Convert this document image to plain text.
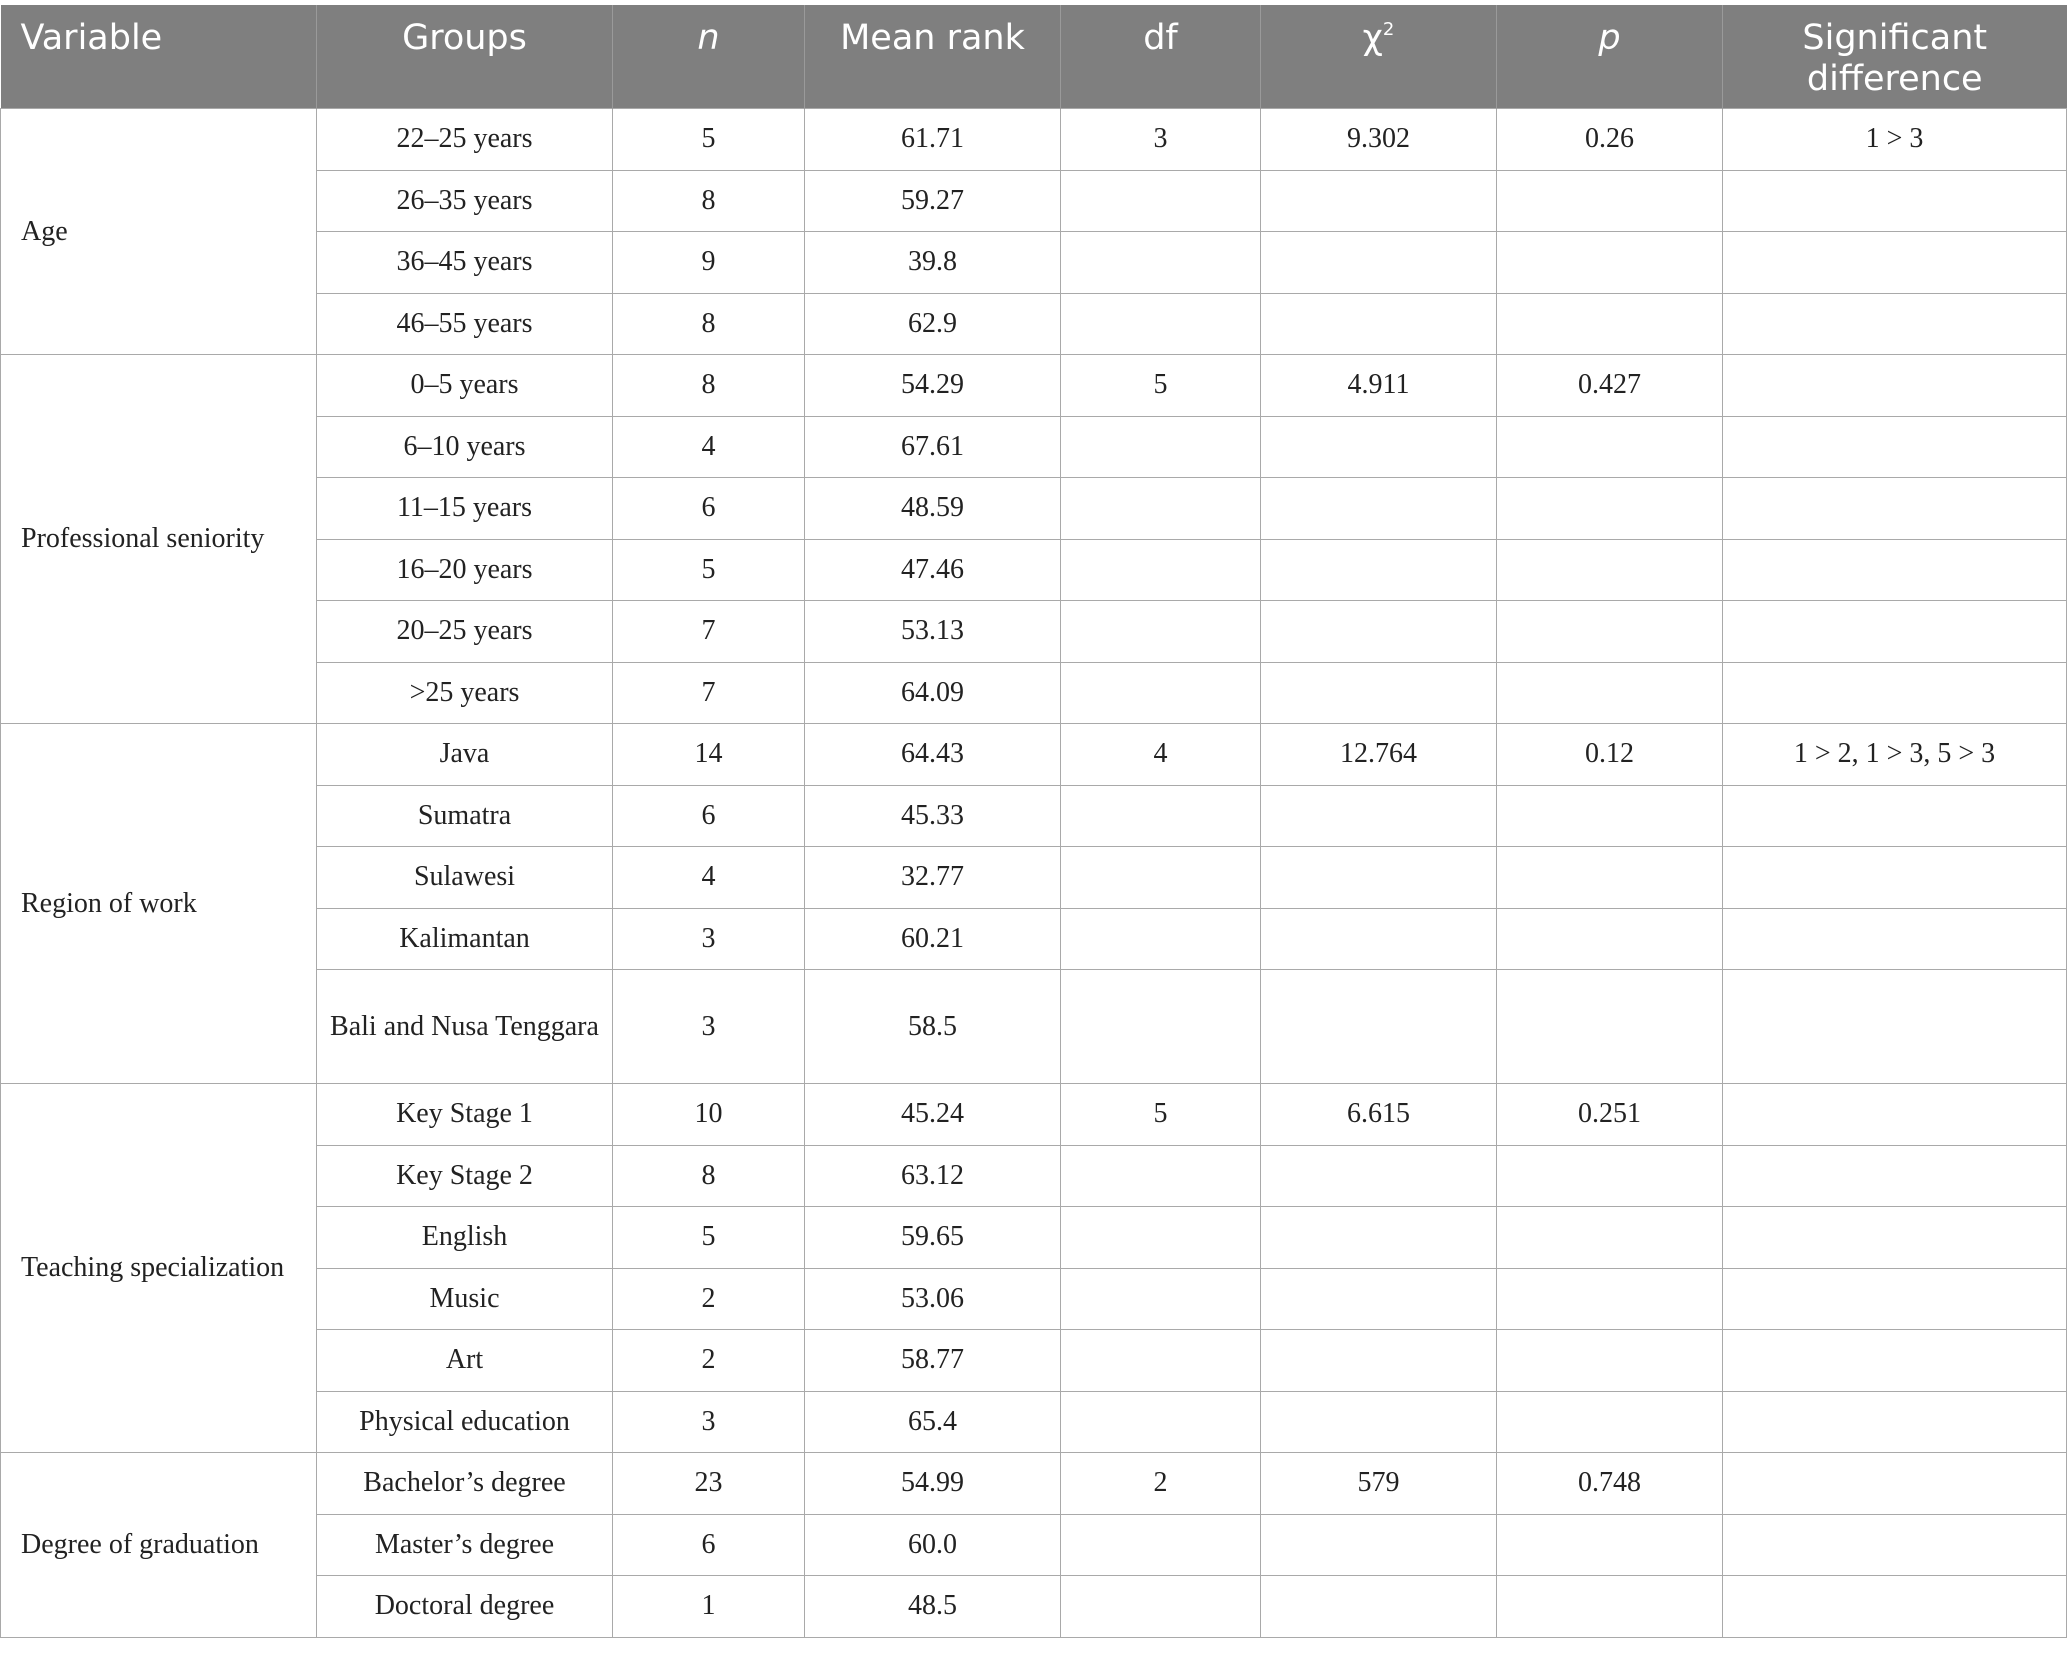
Variable	Groups	n	Mean rank	df	$\chi^2$	p	Significant
difference
Age	22–25 years	5	61.71	3	9.302	0.26	1 > 3
	26–35 years	8	59.27				
	36–45 years	9	39.8				
	46–55 years	8	62.9				
Professional seniority	0–5 years	8	54.29	5	4.911	0.427	
	6–10 years	4	67.61				
	11–15 years	6	48.59				
	16–20 years	5	47.46				
	20–25 years	7	53.13				
	>25 years	7	64.09				
Region of work	Java	14	64.43	4	12.764	0.12	1 > 2, 1 > 3, 5 > 3
	Sumatra	6	45.33				
	Sulawesi	4	32.77				
	Kalimantan	3	60.21				
	Bali and Nusa Tenggara	3	58.5				
Teaching specialization	Key Stage 1	10	45.24	5	6.615	0.251	
	Key Stage 2	8	63.12				
	English	5	59.65				
	Music	2	53.06				
	Art	2	58.77				
	Physical education	3	65.4				
Degree of graduation	Bachelor’s degree	23	54.99	2	579	0.748	
	Master’s degree	6	60.0				
	Doctoral degree	1	48.5				
